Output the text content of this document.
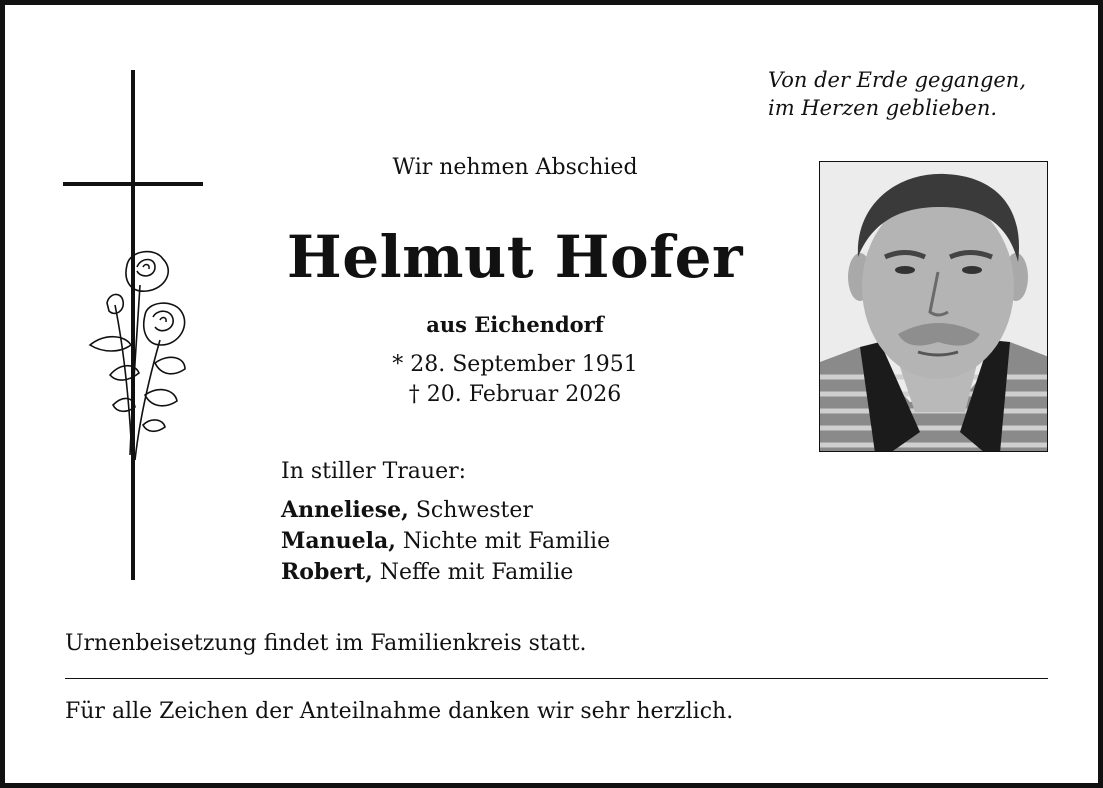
Von der Erde gegangen,
im Herzen geblieben.
Wir nehmen Abschied
Helmut Hofer
aus Eichendorf
* 28. September 1951
† 20. Februar 2026
In stiller Trauer:
Anneliese, Schwester
Manuela, Nichte mit Familie
Robert, Neffe mit Familie
Urnenbeisetzung findet im Familienkreis statt.
Für alle Zeichen der Anteilnahme danken wir sehr herzlich.
